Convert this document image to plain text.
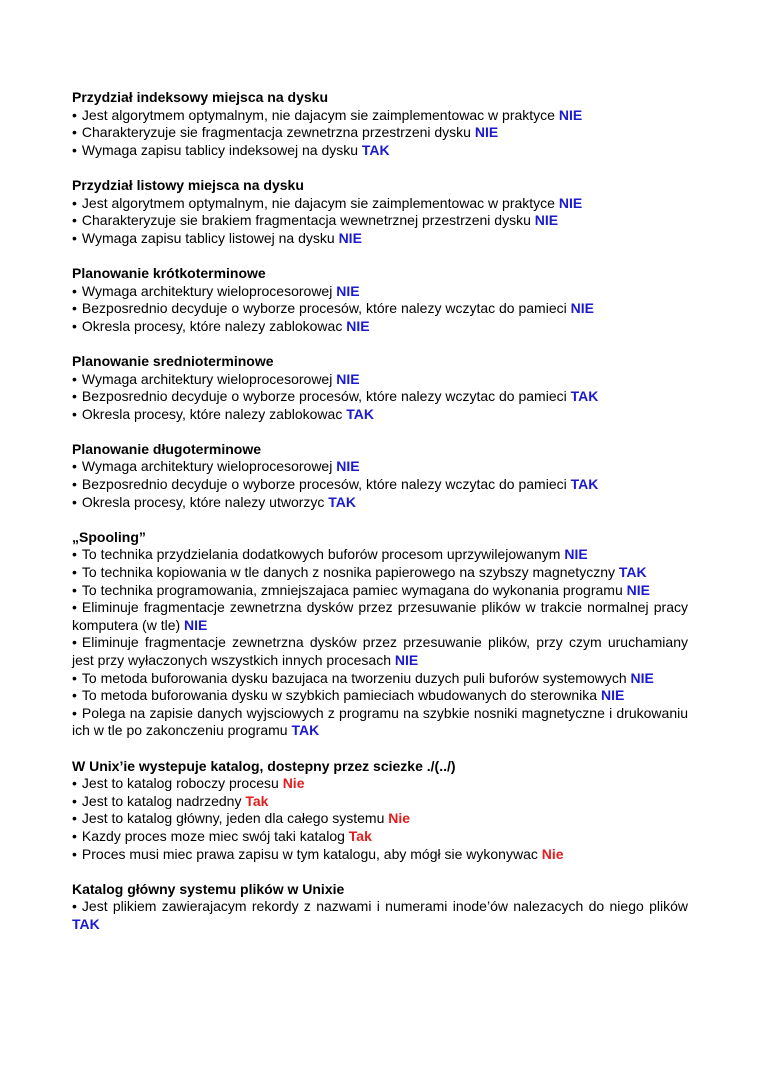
Przydział indeksowy miejsca na dysku

• Jest algorytmem optymalnym, nie dajacym sie zaimplementowac w praktyce NIE

• Charakteryzuje sie fragmentacja zewnetrzna przestrzeni dysku NIE

• Wymaga zapisu tablicy indeksowej na dysku TAK

Przydział listowy miejsca na dysku

• Jest algorytmem optymalnym, nie dajacym sie zaimplementowac w praktyce NIE

• Charakteryzuje sie brakiem fragmentacja wewnetrznej przestrzeni dysku NIE

• Wymaga zapisu tablicy listowej na dysku NIE

Planowanie krótkoterminowe

• Wymaga architektury wieloprocesorowej NIE

• Bezposrednio decyduje o wyborze procesów, które nalezy wczytac do pamieci NIE

• Okresla procesy, które nalezy zablokowac NIE

Planowanie srednioterminowe

• Wymaga architektury wieloprocesorowej NIE

• Bezposrednio decyduje o wyborze procesów, które nalezy wczytac do pamieci TAK

• Okresla procesy, które nalezy zablokowac TAK

Planowanie długoterminowe

• Wymaga architektury wieloprocesorowej NIE

• Bezposrednio decyduje o wyborze procesów, które nalezy wczytac do pamieci TAK

• Okresla procesy, które nalezy utworzyc TAK

„Spooling”

• To technika przydzielania dodatkowych buforów procesom uprzywilejowanym NIE

• To technika kopiowania w tle danych z nosnika papierowego na szybszy magnetyczny TAK

• To technika programowania, zmniejszajaca pamiec wymagana do wykonania programu NIE

• Eliminuje fragmentacje zewnetrzna dysków przez przesuwanie plików w trakcie normalnej pracy komputera (w tle) NIE

• Eliminuje fragmentacje zewnetrzna dysków przez przesuwanie plików, przy czym uruchamiany jest przy wyłaczonych wszystkich innych procesach NIE

• To metoda buforowania dysku bazujaca na tworzeniu duzych puli buforów systemowych NIE

• To metoda buforowania dysku w szybkich pamieciach wbudowanych do sterownika NIE

• Polega na zapisie danych wyjsciowych z programu na szybkie nosniki magnetyczne i drukowaniu ich w tle po zakonczeniu programu TAK

W Unix’ie wystepuje katalog, dostepny przez sciezke ./(../)

• Jest to katalog roboczy procesu Nie

• Jest to katalog nadrzedny Tak

• Jest to katalog główny, jeden dla całego systemu Nie

• Kazdy proces moze miec swój taki katalog Tak

• Proces musi miec prawa zapisu w tym katalogu, aby mógł sie wykonywac Nie

Katalog główny systemu plików w Unixie

• Jest plikiem zawierajacym rekordy z nazwami i numerami inode’ów nalezacych do niego plików TAK
